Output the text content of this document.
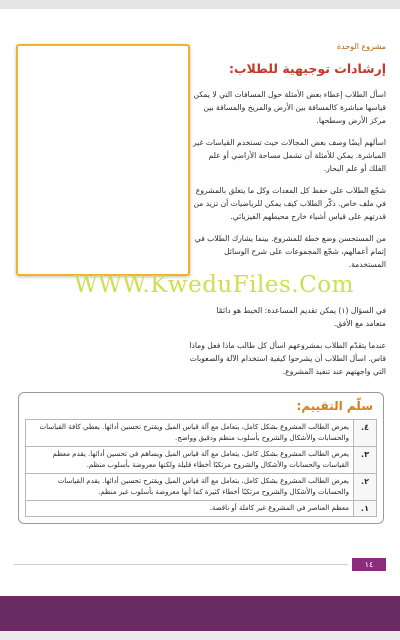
مشروع الوحدة

إرشادات توجيهية للطلاب:

اسأل الطلاب إعطاء بعض الأمثلة حول المسافات التي لا يمكن قياسها مباشرة كالمسافة بين الأرض والمريخ والمسافة بين مركز الأرض وسطحها.

اسألهم أيضًا وصف بعض المجالات حيث تستخدم القياسات غير المباشرة. يمكن للأمثلة أن تشمل مساحة الأراضي أو علم الفلك أو علم البحار.

شجّع الطلاب على حفظ كل المعدات وكل ما يتعلق بالمشروع في ملف خاص. ذكّر الطلاب كيف يمكن للرياضيات أن تزيد من قدرتهم على قياس أشياء خارج محيطهم الفيزيائي.

من المستحسن وضع خطة للمشروع. بينما يشارك الطلاب في إتمام أعمالهم، شجّع المجموعات على شرح الوسائل المستخدمة.

في السؤال (١) يمكن تقديم المساعدة: الخيط هو دائمًا متعامد مع الأفق.

عندما يتقدّم الطلاب بمشروعهم اسأل كل طالب ماذا فعل وماذا قاس. اسأل الطلاب أن يشرحوا كيفية استخدام الآلة والصعوبات التي واجهتهم عند تنفيذ المشروع.

WWW.KweduFiles.Com
سلّم التقييم:
٤.	يعرض الطالب المشروع بشكل كامل، يتعامل مع آلة قياس الميل ويقترح تحسين أدائها. يعطي كافة القياسات والحسابات والأشكال والشروح بأسلوب منظم ودقيق وواضح.
٣.	يعرض الطالب المشروع بشكل كامل، يتعامل مع آلة قياس الميل ويساهم في تحسين أدائها. يقدم معظم القياسات والحسابات والأشكال والشروح مرتكبًا أخطاء قليلة ولكنها معروضة بأسلوب منظم.
٢.	يعرض الطالب المشروع بشكل كامل، يتعامل مع آلة قياس الميل ويقترح تحسين أدائها. يقدم القياسات والحسابات والأشكال والشروح مرتكبًا أخطاء كثيرة كما أنها معروضة بأسلوب غير منظم.
١.	معظم العناصر في المشروع غير كاملة أو ناقصة.
١٤
